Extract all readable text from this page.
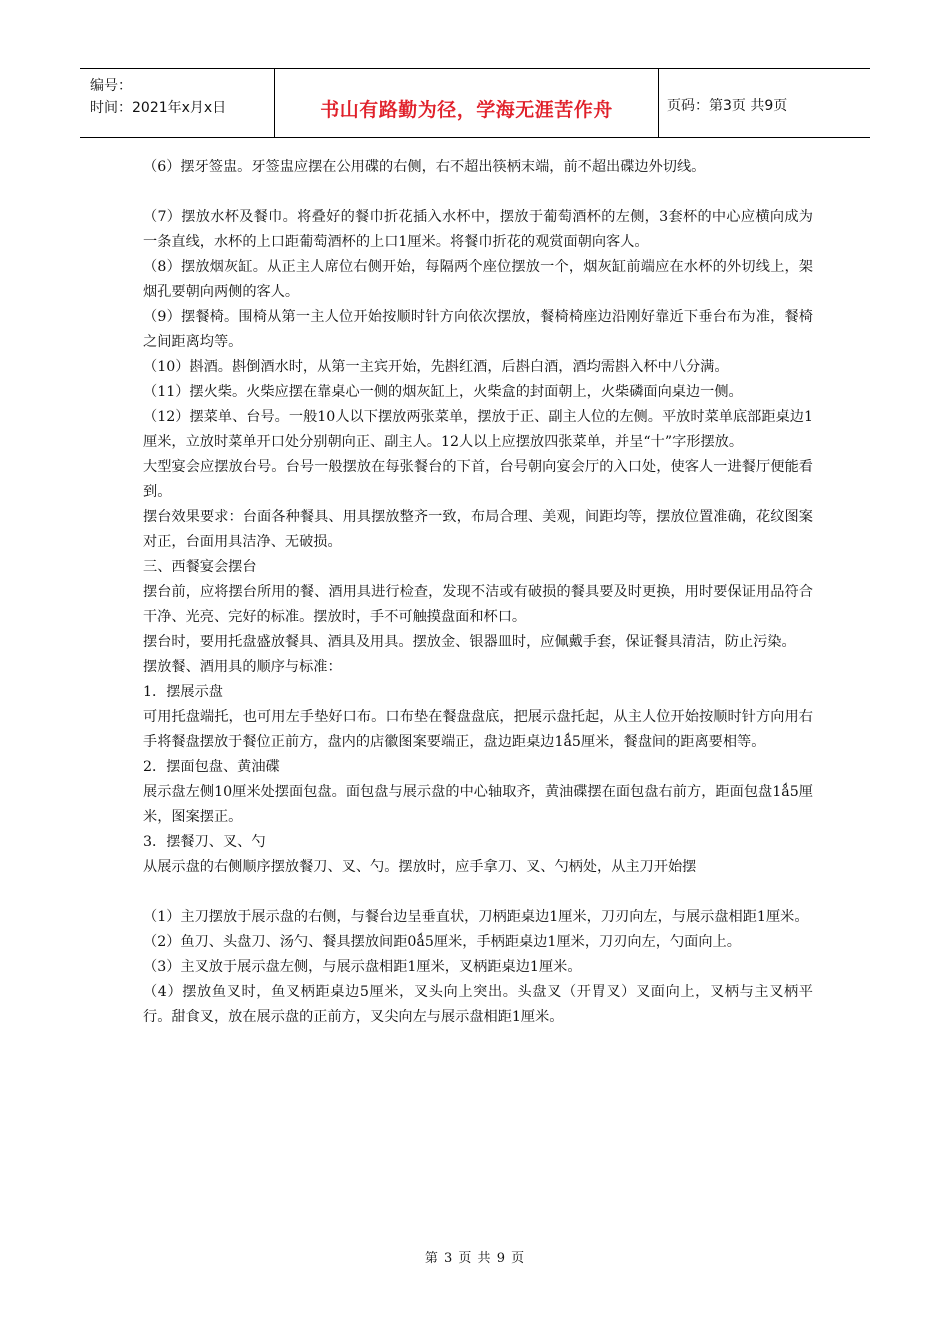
编号：
时间：2021年x月x日	书山有路勤为径，学海无涯苦作舟	页码：第3页 共9页

（6）摆牙签盅。牙签盅应摆在公用碟的右侧，右不超出筷柄末端，前不超出碟边外切线。

（7）摆放水杯及餐巾。将叠好的餐巾折花插入水杯中，摆放于葡萄酒杯的左侧，3套杯的中心应横向成为一条直线，水杯的上口距葡萄酒杯的上口1厘米。将餐巾折花的观赏面朝向客人。

（8）摆放烟灰缸。从正主人席位右侧开始，每隔两个座位摆放一个，烟灰缸前端应在水杯的外切线上，架烟孔要朝向两侧的客人。

（9）摆餐椅。围椅从第一主人位开始按顺时针方向依次摆放，餐椅椅座边沿刚好靠近下垂台布为准，餐椅之间距离均等。

（10）斟酒。斟倒酒水时，从第一主宾开始，先斟红酒，后斟白酒，酒均需斟入杯中八分满。

（11）摆火柴。火柴应摆在靠桌心一侧的烟灰缸上，火柴盒的封面朝上，火柴磷面向桌边一侧。

（12）摆菜单、台号。一般10人以下摆放两张菜单，摆放于正、副主人位的左侧。平放时菜单底部距桌边1厘米，立放时菜单开口处分别朝向正、副主人。12人以上应摆放四张菜单，并呈“十”字形摆放。

大型宴会应摆放台号。台号一般摆放在每张餐台的下首，台号朝向宴会厅的入口处，使客人一进餐厅便能看到。

摆台效果要求：台面各种餐具、用具摆放整齐一致，布局合理、美观，间距均等，摆放位置准确，花纹图案对正，台面用具洁净、无破损。

三、西餐宴会摆台

摆台前，应将摆台所用的餐、酒用具进行检查，发现不洁或有破损的餐具要及时更换，用时要保证用品符合干净、光亮、完好的标准。摆放时，手不可触摸盘面和杯口。

摆台时，要用托盘盛放餐具、酒具及用具。摆放金、银器皿时，应佩戴手套，保证餐具清洁，防止污染。

摆放餐、酒用具的顺序与标准：

1．摆展示盘

可用托盘端托，也可用左手垫好口布。口布垫在餐盘盘底，把展示盘托起，从主人位开始按顺时针方向用右手将餐盘摆放于餐位正前方，盘内的店徽图案要端正，盘边距桌边1ǻ5厘米，餐盘间的距离要相等。

2．摆面包盘、黄油碟

展示盘左侧10厘米处摆面包盘。面包盘与展示盘的中心轴取齐，黄油碟摆在面包盘右前方，距面包盘1ǻ5厘米，图案摆正。

3．摆餐刀、叉、勺

从展示盘的右侧顺序摆放餐刀、叉、勺。摆放时，应手拿刀、叉、勺柄处，从主刀开始摆

（1）主刀摆放于展示盘的右侧，与餐台边呈垂直状，刀柄距桌边1厘米，刀刃向左，与展示盘相距1厘米。

（2）鱼刀、头盘刀、汤勺、餐具摆放间距0ǻ5厘米，手柄距桌边1厘米，刀刃向左，勺面向上。

（3）主叉放于展示盘左侧，与展示盘相距1厘米，叉柄距桌边1厘米。

（4）摆放鱼叉时，鱼叉柄距桌边5厘米，叉头向上突出。头盘叉（开胃叉）叉面向上，叉柄与主叉柄平行。甜食叉，放在展示盘的正前方，叉尖向左与展示盘相距1厘米。

第 3 页 共 9 页
